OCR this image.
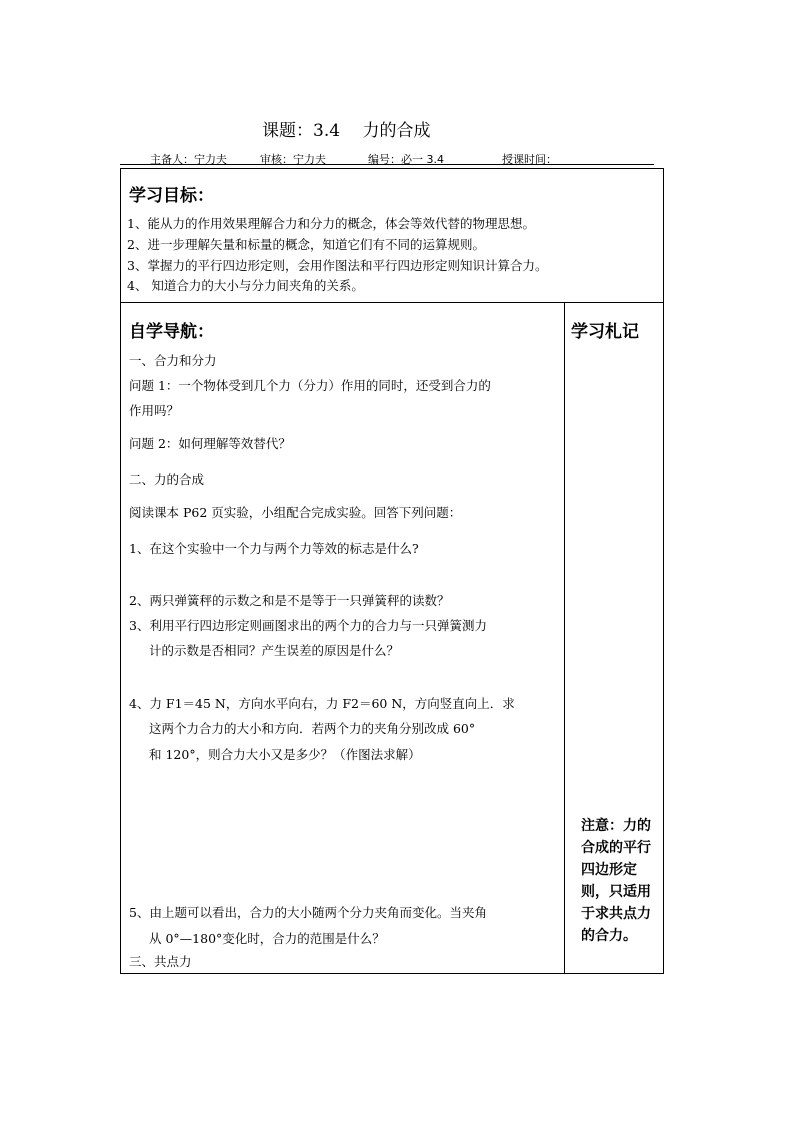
课题：3.4　 力的合成
主备人：宁力夫	审核：宁力夫	编号：必一 3.4	授课时间：
学习目标：
1、能从力的作用效果理解合力和分力的概念，体会等效代替的物理思想。
2、进一步理解矢量和标量的概念，知道它们有不同的运算规则。
3、掌握力的平行四边形定则，会用作图法和平行四边形定则知识计算合力。
4、 知道合力的大小与分力间夹角的关系。
自学导航：
一、合力和分力
问题 1：一个物体受到几个力（分力）作用的同时，还受到合力的
作用吗？
问题 2：如何理解等效替代？
二、力的合成
阅读课本 P62 页实验，小组配合完成实验。回答下列问题：
1、在这个实验中一个力与两个力等效的标志是什么?
2、两只弹簧秤的示数之和是不是等于一只弹簧秤的读数？
3、利用平行四边形定则画图求出的两个力的合力与一只弹簧测力
计的示数是否相同？产生误差的原因是什么？
4、力 F1＝45 N，方向水平向右，力 F2＝60 N，方向竖直向上．求
这两个力合力的大小和方向．若两个力的夹角分别改成 60°
和 120°，则合力大小又是多少？（作图法求解）
5、由上题可以看出，合力的大小随两个分力夹角而变化。当夹角
从 0°—180°变化时，合力的范围是什么？
三、共点力
学习札记
注意：力的合成的平行四边形定则，只适用于求共点力的合力。
